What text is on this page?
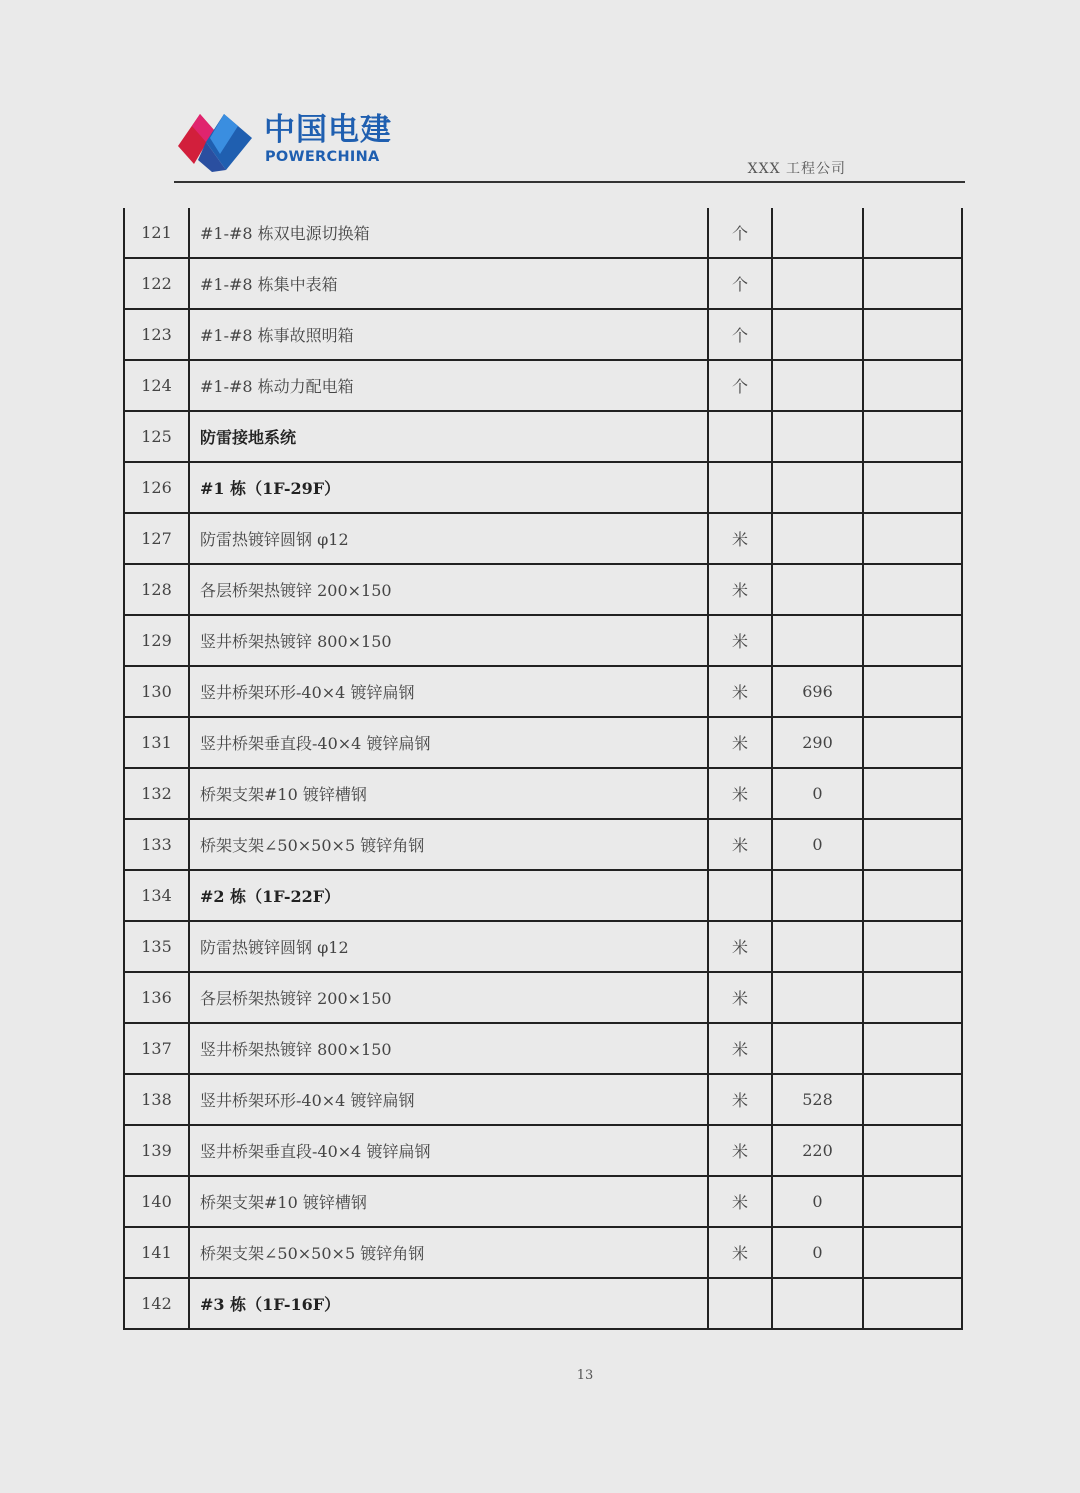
中国电建
POWERCHINA
XXX 工程公司
121	#1-#8 栋双电源切换箱	个		
122	#1-#8 栋集中表箱	个		
123	#1-#8 栋事故照明箱	个		
124	#1-#8 栋动力配电箱	个		
125	防雷接地系统			
126	#1 栋（1F-29F）			
127	防雷热镀锌圆钢 φ12	米		
128	各层桥架热镀锌 200×150	米		
129	竖井桥架热镀锌 800×150	米		
130	竖井桥架环形-40×4 镀锌扁钢	米	696	
131	竖井桥架垂直段-40×4 镀锌扁钢	米	290	
132	桥架支架#10 镀锌槽钢	米	0	
133	桥架支架∠50×50×5 镀锌角钢	米	0	
134	#2 栋（1F-22F）			
135	防雷热镀锌圆钢 φ12	米		
136	各层桥架热镀锌 200×150	米		
137	竖井桥架热镀锌 800×150	米		
138	竖井桥架环形-40×4 镀锌扁钢	米	528	
139	竖井桥架垂直段-40×4 镀锌扁钢	米	220	
140	桥架支架#10 镀锌槽钢	米	0	
141	桥架支架∠50×50×5 镀锌角钢	米	0	
142	#3 栋（1F-16F）			
13
